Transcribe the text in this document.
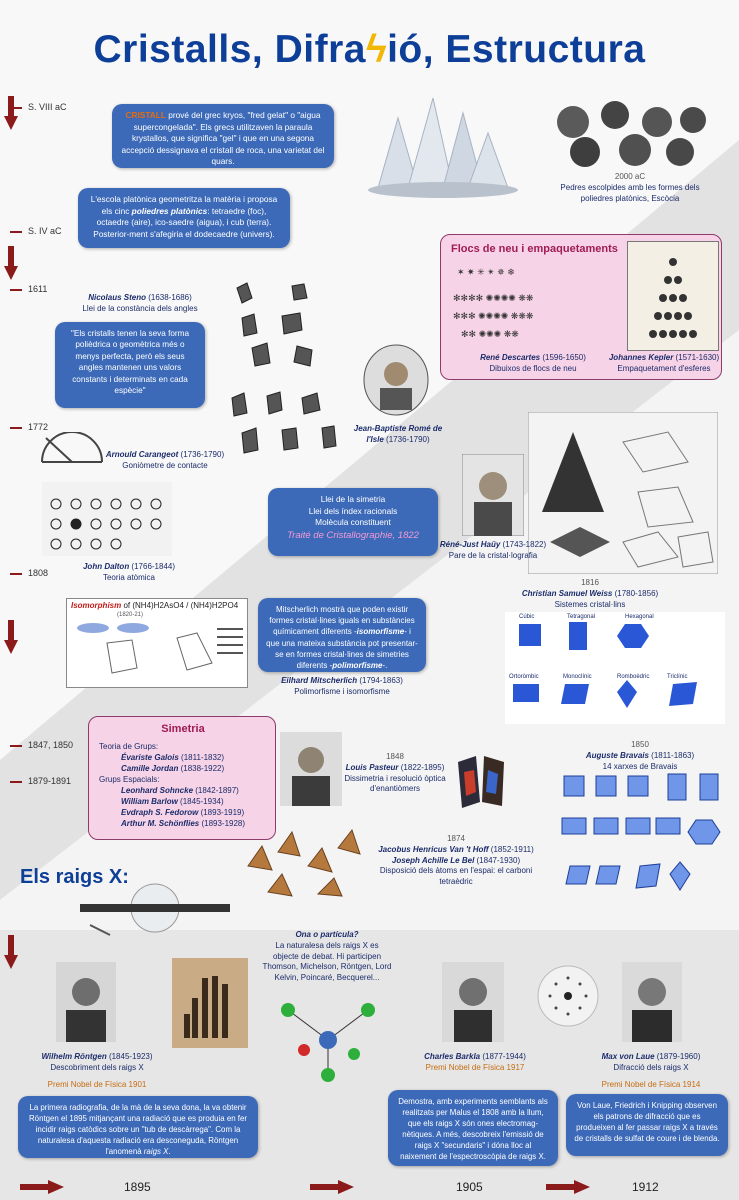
Cristalls, Difraϟió, Estructura
S. VIII aC
S. IV aC
1611
1772
1808
1847, 1850
1879-1891
CRISTALL prové del grec kryos, "fred gelat" o "aigua supercongelada". Els grecs utilitzaven la paraula krystallos, que significa "gel" i que en una segona accepció dessignava el cristall de roca, una varietat del quars.
2000 aC
Pedres escolpides amb les formes dels poliedres platònics, Escòcia
L'escola platònica geometritza la matèria i proposa els cinc poliedres platònics: tetraedre (foc), octaedre (aire), ico-saedre (aigua), i cub (terra). Posterior-ment s'afegiria el dodecaedre (univers).
Flocs de neu i empaquetaments
✶ ✷ ✳ ✴ ✵ ❄
✻✻✻✻ ✺✺✺✺ ❋❋
✻✻✻ ✺✺✺✺ ❋❋❋
✻✻ ✺✺✺ ❋❋
René Descartes (1596-1650)
Dibuixos de flocs de neu
Johannes Kepler (1571-1630)
Empaquetament d'esferes
Nicolaus Steno (1638-1686)
Llei de la constància dels angles
"Els cristalls tenen la seva forma polièdrica o geomètrica més o menys perfecta, però els seus angles mantenen uns valors constants i determinats en cada espècie"
Jean-Baptiste Romé de l'Isle (1736-1790)
Arnould Carangeot (1736-1790)
Goniòmetre de contacte
John Dalton (1766-1844)
Teoria atòmica
Llei de la simetria
Llei dels índex racionals
Molècula constituent
Traité de Cristallographie, 1822
Réné-Just Haüy (1743-1822)
Pare de la cristal·lografia
Isomorphism of (NH4)H2AsO4 / (NH4)H2PO4
(1820-21)
Mitscherlich mostrà que poden existir formes cristal·lines iguals en substàncies químicament diferents -isomorfisme- i que una mateixa substància pot presentar-se en formes cristal·lines de simetries diferents -polimorfisme-.
Eilhard Mitscherlich (1794-1863)
Polimorfisme i isomorfisme
1816
Christian Samuel Weiss (1780-1856)
Sistemes cristal·lins
Cúbic	Tetragonal	Hexagonal
Ortoròmbic	Monoclínic	Romboèdric	Triclínic
Simetria
Teoria de Grups:
Évariste Galois (1811-1832)
Camille Jordan (1838-1922)
Grups Espacials:
Leonhard Sohncke (1842-1897)
William Barlow (1845-1934)
Evdraph S. Fedorow (1893-1919)
Arthur M. Schönflies (1893-1928)
1848
Louis Pasteur (1822-1895)
Dissimetria i resolució òptica d'enantiòmers
1850
Auguste Bravais (1811-1863)
14 xarxes de Bravais
1874
Jacobus Henricus Van 't Hoff (1852-1911)
Joseph Achille Le Bel (1847-1930)
Disposició dels àtoms en l'espai: el carboni tetraèdric
Els raigs X:
Ona o partícula?
La naturalesa dels raigs X es objecte de debat. Hi participen Thomson, Michelson, Röntgen, Lord Kelvin, Poincaré, Becquerel...
Wilhelm Röntgen (1845-1923)
Descobriment dels raigs X
Premi Nobel de Física 1901
Charles Barkla (1877-1944)
Premi Nobel de Física 1917
Max von Laue (1879-1960)
Difracció dels raigs X
Premi Nobel de Física 1914
La primera radiografia, de la mà de la seva dona, la va obtenir Röntgen el 1895 mitjançant una radiació que es produia en fer incidir raigs catòdics sobre un "tub de descàrrega". Com la naturalesa d'aquesta radiació era desconeguda, Röntgen l'anomenà raigs X.
Demostra, amb experiments semblants als realitzats per Malus el 1808 amb la llum, que els raigs X són ones electromag-nètiques. A més, descobreix l'emissió de raigs X "secundaris" i dóna lloc al naixement de l'espectroscòpia de raigs X.
Von Laue, Friedrich i Knipping observen els patrons de difracció que es produeixen al fer passar raigs X a través de cristalls de sulfat de coure i de blenda.
1895	1905	1912
